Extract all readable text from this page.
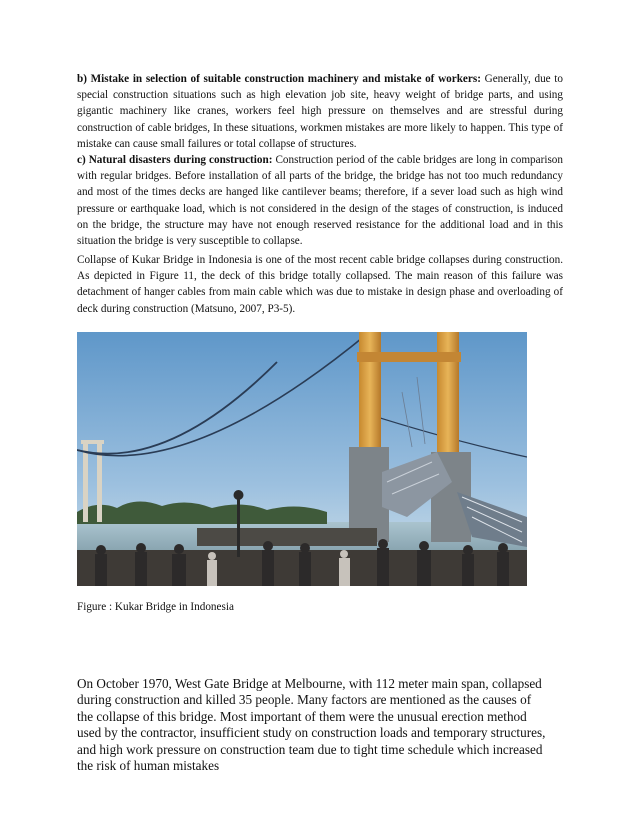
b) Mistake in selection of suitable construction machinery and mistake of workers: Generally, due to special construction situations such as high elevation job site, heavy weight of bridge parts, and using gigantic machinery like cranes, workers feel high pressure on themselves and are stressful during construction of cable bridges, In these situations, workmen mistakes are more likely to happen. This type of mistake can cause small failures or total collapse of structures.
c) Natural disasters during construction: Construction period of the cable bridges are long in comparison with regular bridges. Before installation of all parts of the bridge, the bridge has not too much redundancy and most of the times decks are hanged like cantilever beams; therefore, if a sever load such as high wind pressure or earthquake load, which is not considered in the design of the stages of construction, is induced on the bridge, the structure may have not enough reserved resistance for the additional load and in this situation the bridge is very susceptible to collapse.

Collapse of Kukar Bridge in Indonesia is one of the most recent cable bridge collapses during construction. As depicted in Figure 11, the deck of this bridge totally collapsed. The main reason of this failure was detachment of hanger cables from main cable which was due to mistake in design phase and overloading of deck during construction (Matsuno, 2007, P3-5).

Figure : Kukar Bridge in Indonesia

On October 1970, West Gate Bridge at Melbourne, with 112 meter main span, collapsed during construction and killed 35 people. Many factors are mentioned as the causes of the collapse of this bridge. Most important of them were the unusual erection method used by the contractor, insufficient study on construction loads and temporary structures, and high work pressure on construction team due to tight time schedule which increased the risk of human mistakes
